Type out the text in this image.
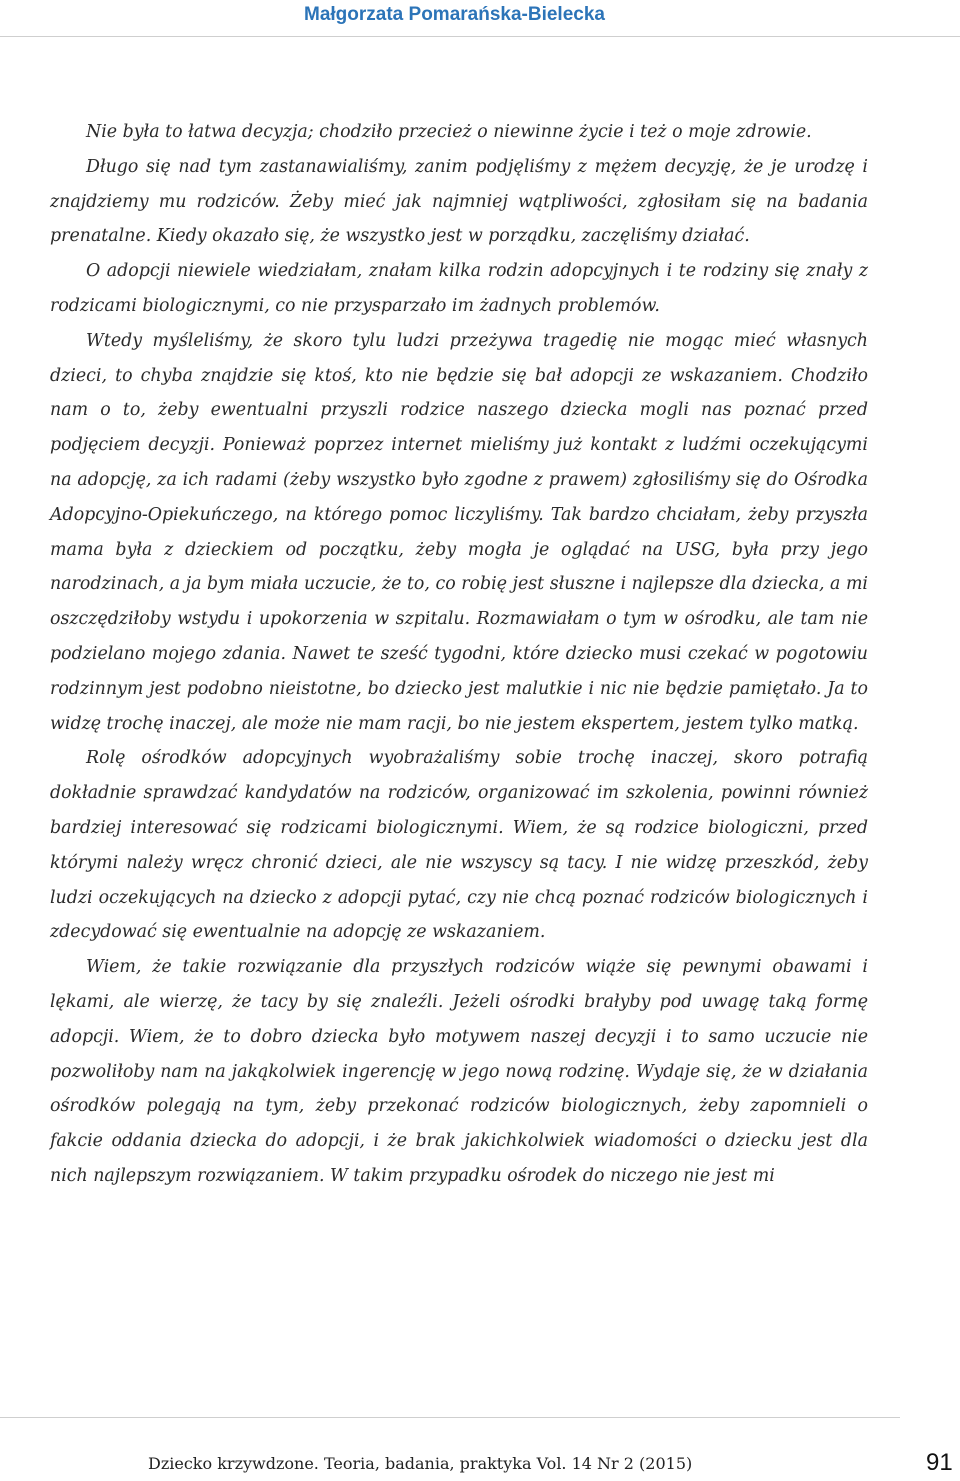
Małgorzata Pomarańska-Bielecka

Nie była to łatwa decyzja; chodziło przecież o niewinne życie i też o moje zdrowie.

Długo się nad tym zastanawialiśmy, zanim podjęliśmy z mężem decyzję, że je urodzę i znajdziemy mu rodziców. Żeby mieć jak najmniej wątpliwości, zgłosiłam się na badania prenatalne. Kiedy okazało się, że wszystko jest w porządku, zaczęliśmy działać.

O adopcji niewiele wiedziałam, znałam kilka rodzin adopcyjnych i te rodziny się znały z rodzicami biologicznymi, co nie przysparzało im żadnych problemów.

Wtedy myśleliśmy, że skoro tylu ludzi przeżywa tragedię nie mogąc mieć własnych dzieci, to chyba znajdzie się ktoś, kto nie będzie się bał adopcji ze wskazaniem. Chodziło nam o to, żeby ewentualni przyszli rodzice naszego dziecka mogli nas poznać przed podjęciem decyzji. Ponieważ poprzez internet mieliśmy już kontakt z ludźmi oczekującymi na adopcję, za ich radami (żeby wszystko było zgodne z prawem) zgłosiliśmy się do Ośrodka Adopcyjno-Opiekuńczego, na którego pomoc liczyliśmy. Tak bardzo chciałam, żeby przyszła mama była z dzieckiem od początku, żeby mogła je oglądać na USG, była przy jego narodzinach, a ja bym miała uczucie, że to, co robię jest słuszne i najlepsze dla dziecka, a mi oszczędziłoby wstydu i upokorzenia w szpitalu. Rozmawiałam o tym w ośrodku, ale tam nie podzielano mojego zdania. Nawet te sześć tygodni, które dziecko musi czekać w pogotowiu rodzinnym jest podobno nieistotne, bo dziecko jest malutkie i nic nie będzie pamiętało. Ja to widzę trochę inaczej, ale może nie mam racji, bo nie jestem ekspertem, jestem tylko matką.

Rolę ośrodków adopcyjnych wyobrażaliśmy sobie trochę inaczej, skoro potrafią dokładnie sprawdzać kandydatów na rodziców, organizować im szkolenia, powinni również bardziej interesować się rodzicami biologicznymi. Wiem, że są rodzice biologiczni, przed którymi należy wręcz chronić dzieci, ale nie wszyscy są tacy. I nie widzę przeszkód, żeby ludzi oczekujących na dziecko z adopcji pytać, czy nie chcą poznać rodziców biologicznych i zdecydować się ewentualnie na adopcję ze wskazaniem.

Wiem, że takie rozwiązanie dla przyszłych rodziców wiąże się pewnymi obawami i lękami, ale wierzę, że tacy by się znaleźli. Jeżeli ośrodki brałyby pod uwagę taką formę adopcji. Wiem, że to dobro dziecka było motywem naszej decyzji i to samo uczucie nie pozwoliłoby nam na jakąkolwiek ingerencję w jego nową rodzinę. Wydaje się, że w działania ośrodków polegają na tym, żeby przekonać rodziców biologicznych, żeby zapomnieli o fakcie oddania dziecka do adopcji, i że brak jakichkolwiek wiadomości o dziecku jest dla nich najlepszym rozwiązaniem. W takim przypadku ośrodek do niczego nie jest mi

Dziecko krzywdzone. Teoria, badania, praktyka Vol. 14 Nr 2 (2015)	91
